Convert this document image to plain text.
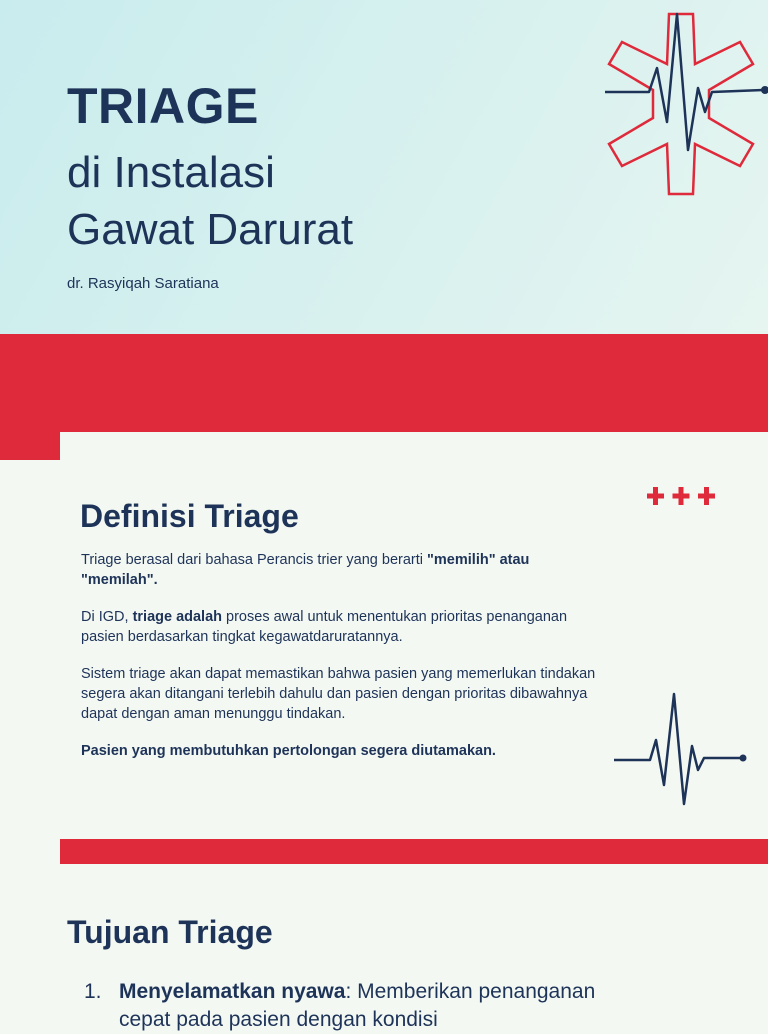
TRIAGE
di Instalasi
Gawat Darurat

dr. Rasyiqah Saratiana

Definisi Triage

Triage berasal dari bahasa Perancis trier yang berarti "memilih" atau "memilah".

Di IGD, triage adalah proses awal untuk menentukan prioritas penanganan pasien berdasarkan tingkat kegawatdaruratannya.

Sistem triage akan dapat memastikan bahwa pasien yang memerlukan tindakan segera akan ditangani terlebih dahulu dan pasien dengan prioritas dibawahnya dapat dengan aman menunggu tindakan.

Pasien yang membutuhkan pertolongan segera diutamakan.

Tujuan Triage
1. Menyelamatkan nyawa: Memberikan penanganan cepat pada pasien dengan kondisi
